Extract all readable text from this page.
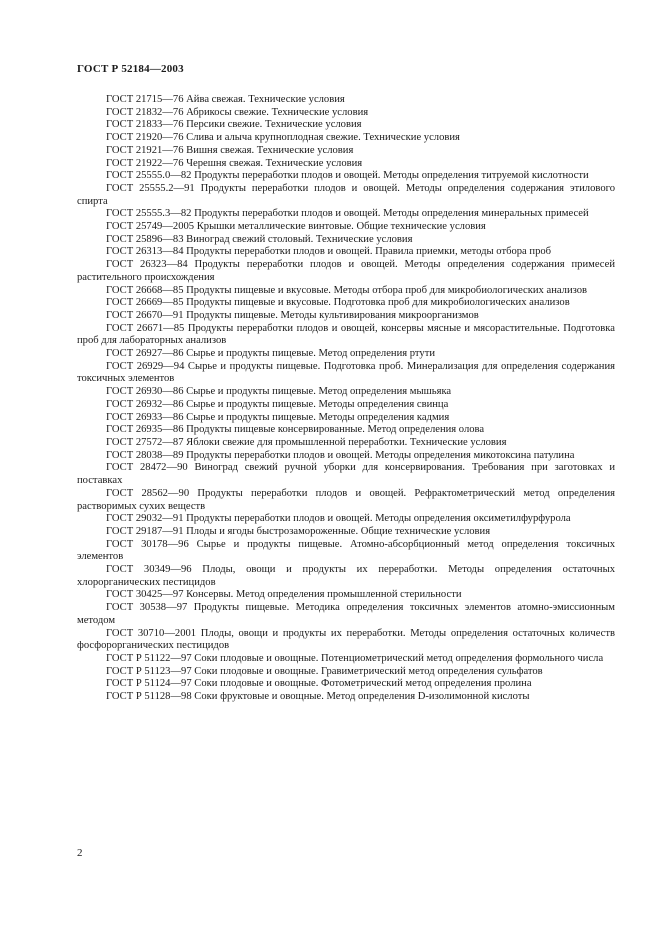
ГОСТ Р 52184—2003
ГОСТ 21715—76 Айва свежая. Технические условия
ГОСТ 21832—76 Абрикосы свежие. Технические условия
ГОСТ 21833—76 Персики свежие. Технические условия
ГОСТ 21920—76 Слива и алыча крупноплодная свежие. Технические условия
ГОСТ 21921—76 Вишня свежая. Технические условия
ГОСТ 21922—76 Черешня свежая. Технические условия
ГОСТ 25555.0—82 Продукты переработки плодов и овощей. Методы определения титруемой кислотности
ГОСТ 25555.2—91 Продукты переработки плодов и овощей. Методы определения содержания этилового спирта
ГОСТ 25555.3—82 Продукты переработки плодов и овощей. Методы определения минеральных примесей
ГОСТ 25749—2005 Крышки металлические винтовые. Общие технические условия
ГОСТ 25896—83 Виноград свежий столовый. Технические условия
ГОСТ 26313—84 Продукты переработки плодов и овощей. Правила приемки, методы отбора проб
ГОСТ 26323—84 Продукты переработки плодов и овощей. Методы определения содержания примесей растительного происхождения
ГОСТ 26668—85 Продукты пищевые и вкусовые. Методы отбора проб для микробиологических анализов
ГОСТ 26669—85 Продукты пищевые и вкусовые. Подготовка проб для микробиологических анализов
ГОСТ 26670—91 Продукты пищевые. Методы культивирования микроорганизмов
ГОСТ 26671—85 Продукты переработки плодов и овощей, консервы мясные и мясорастительные. Подготовка проб для лабораторных анализов
ГОСТ 26927—86 Сырье и продукты пищевые. Метод определения ртути
ГОСТ 26929—94 Сырье и продукты пищевые. Подготовка проб. Минерализация для определения содержания токсичных элементов
ГОСТ 26930—86 Сырье и продукты пищевые. Метод определения мышьяка
ГОСТ 26932—86 Сырье и продукты пищевые. Методы определения свинца
ГОСТ 26933—86 Сырье и продукты пищевые. Методы определения кадмия
ГОСТ 26935—86 Продукты пищевые консервированные. Метод определения олова
ГОСТ 27572—87 Яблоки свежие для промышленной переработки. Технические условия
ГОСТ 28038—89 Продукты переработки плодов и овощей. Методы определения микотоксина патулина
ГОСТ 28472—90 Виноград свежий ручной уборки для консервирования. Требования при заготовках и поставках
ГОСТ 28562—90 Продукты переработки плодов и овощей. Рефрактометрический метод определения растворимых сухих веществ
ГОСТ 29032—91 Продукты переработки плодов и овощей. Методы определения оксиметилфурфурола
ГОСТ 29187—91 Плоды и ягоды быстрозамороженные. Общие технические условия
ГОСТ 30178—96 Сырье и продукты пищевые. Атомно-абсорбционный метод определения токсичных элементов
ГОСТ 30349—96 Плоды, овощи и продукты их переработки. Методы определения остаточных хлорорганических пестицидов
ГОСТ 30425—97 Консервы. Метод определения промышленной стерильности
ГОСТ 30538—97 Продукты пищевые. Методика определения токсичных элементов атомно-эмиссионным методом
ГОСТ 30710—2001 Плоды, овощи и продукты их переработки. Методы определения остаточных количеств фосфорорганических пестицидов
ГОСТ Р 51122—97 Соки плодовые и овощные. Потенциометрический метод определения формольного числа
ГОСТ Р 51123—97 Соки плодовые и овощные. Гравиметрический метод определения сульфатов
ГОСТ Р 51124—97 Соки плодовые и овощные. Фотометрический метод определения пролина
ГОСТ Р 51128—98 Соки фруктовые и овощные. Метод определения D-изолимонной кислоты
2
